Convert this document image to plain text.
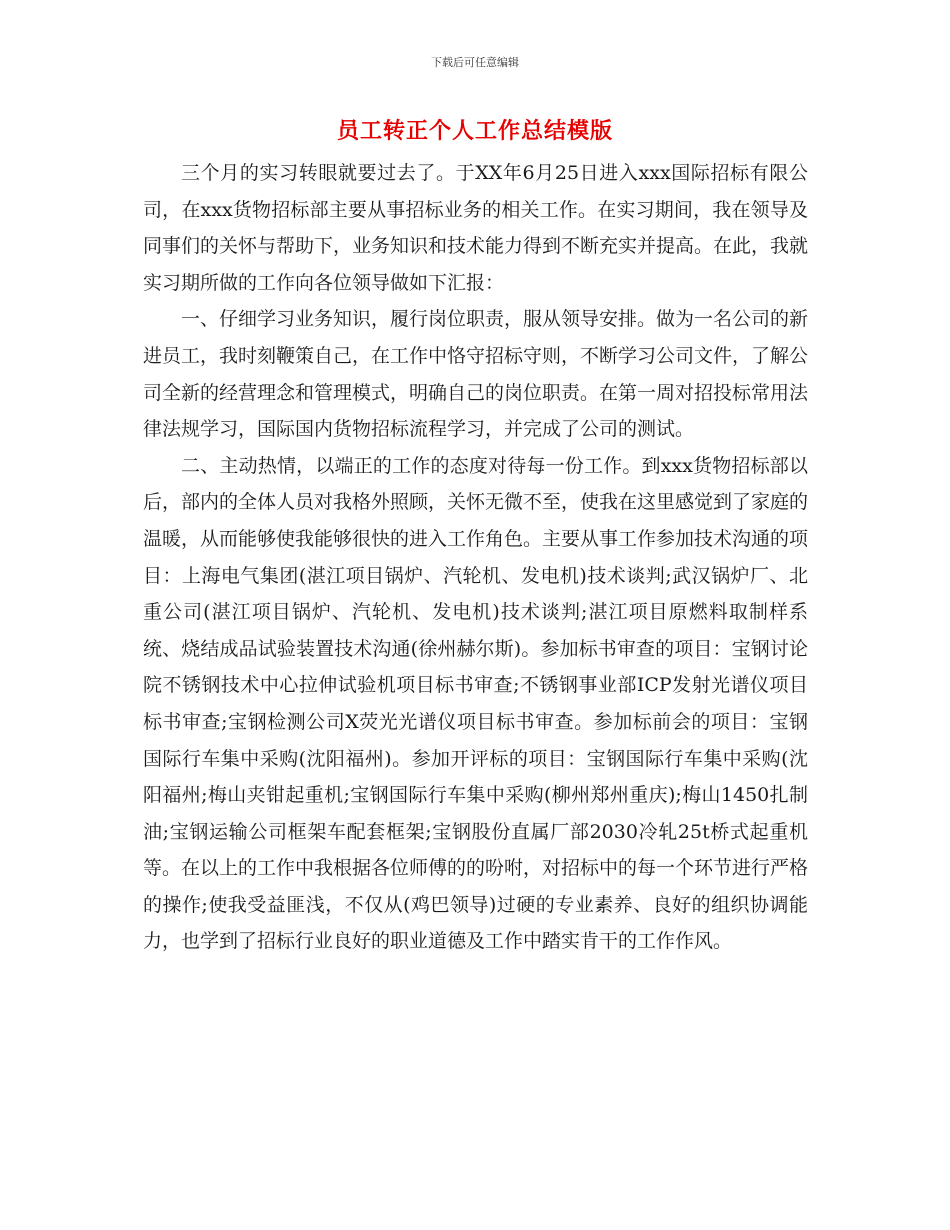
下载后可任意编辑
员工转正个人工作总结模版

三个月的实习转眼就要过去了。于XX年6月25日进入xxx国际招标有限公司，在xxx货物招标部主要从事招标业务的相关工作。在实习期间，我在领导及同事们的关怀与帮助下，业务知识和技术能力得到不断充实并提高。在此，我就实习期所做的工作向各位领导做如下汇报：

一、仔细学习业务知识，履行岗位职责，服从领导安排。做为一名公司的新进员工，我时刻鞭策自己，在工作中恪守招标守则，不断学习公司文件，了解公司全新的经营理念和管理模式，明确自己的岗位职责。在第一周对招投标常用法律法规学习，国际国内货物招标流程学习，并完成了公司的测试。

二、主动热情，以端正的工作的态度对待每一份工作。到xxx货物招标部以后，部内的全体人员对我格外照顾，关怀无微不至，使我在这里感觉到了家庭的温暖，从而能够使我能够很快的进入工作角色。主要从事工作参加技术沟通的项目：上海电气集团(湛江项目锅炉、汽轮机、发电机)技术谈判;武汉锅炉厂、北重公司(湛江项目锅炉、汽轮机、发电机)技术谈判;湛江项目原燃料取制样系统、烧结成品试验装置技术沟通(徐州赫尔斯)。参加标书审查的项目：宝钢讨论院不锈钢技术中心拉伸试验机项目标书审查;不锈钢事业部ICP发射光谱仪项目标书审查;宝钢检测公司X荧光光谱仪项目标书审查。参加标前会的项目：宝钢国际行车集中采购(沈阳福州)。参加开评标的项目：宝钢国际行车集中采购(沈阳福州;梅山夹钳起重机;宝钢国际行车集中采购(柳州郑州重庆);梅山1450扎制油;宝钢运输公司框架车配套框架;宝钢股份直属厂部2030冷轧25t桥式起重机等。在以上的工作中我根据各位师傅的的吩咐，对招标中的每一个环节进行严格的操作;使我受益匪浅，不仅从(鸡巴领导)过硬的专业素养、良好的组织协调能力，也学到了招标行业良好的职业道德及工作中踏实肯干的工作作风。
